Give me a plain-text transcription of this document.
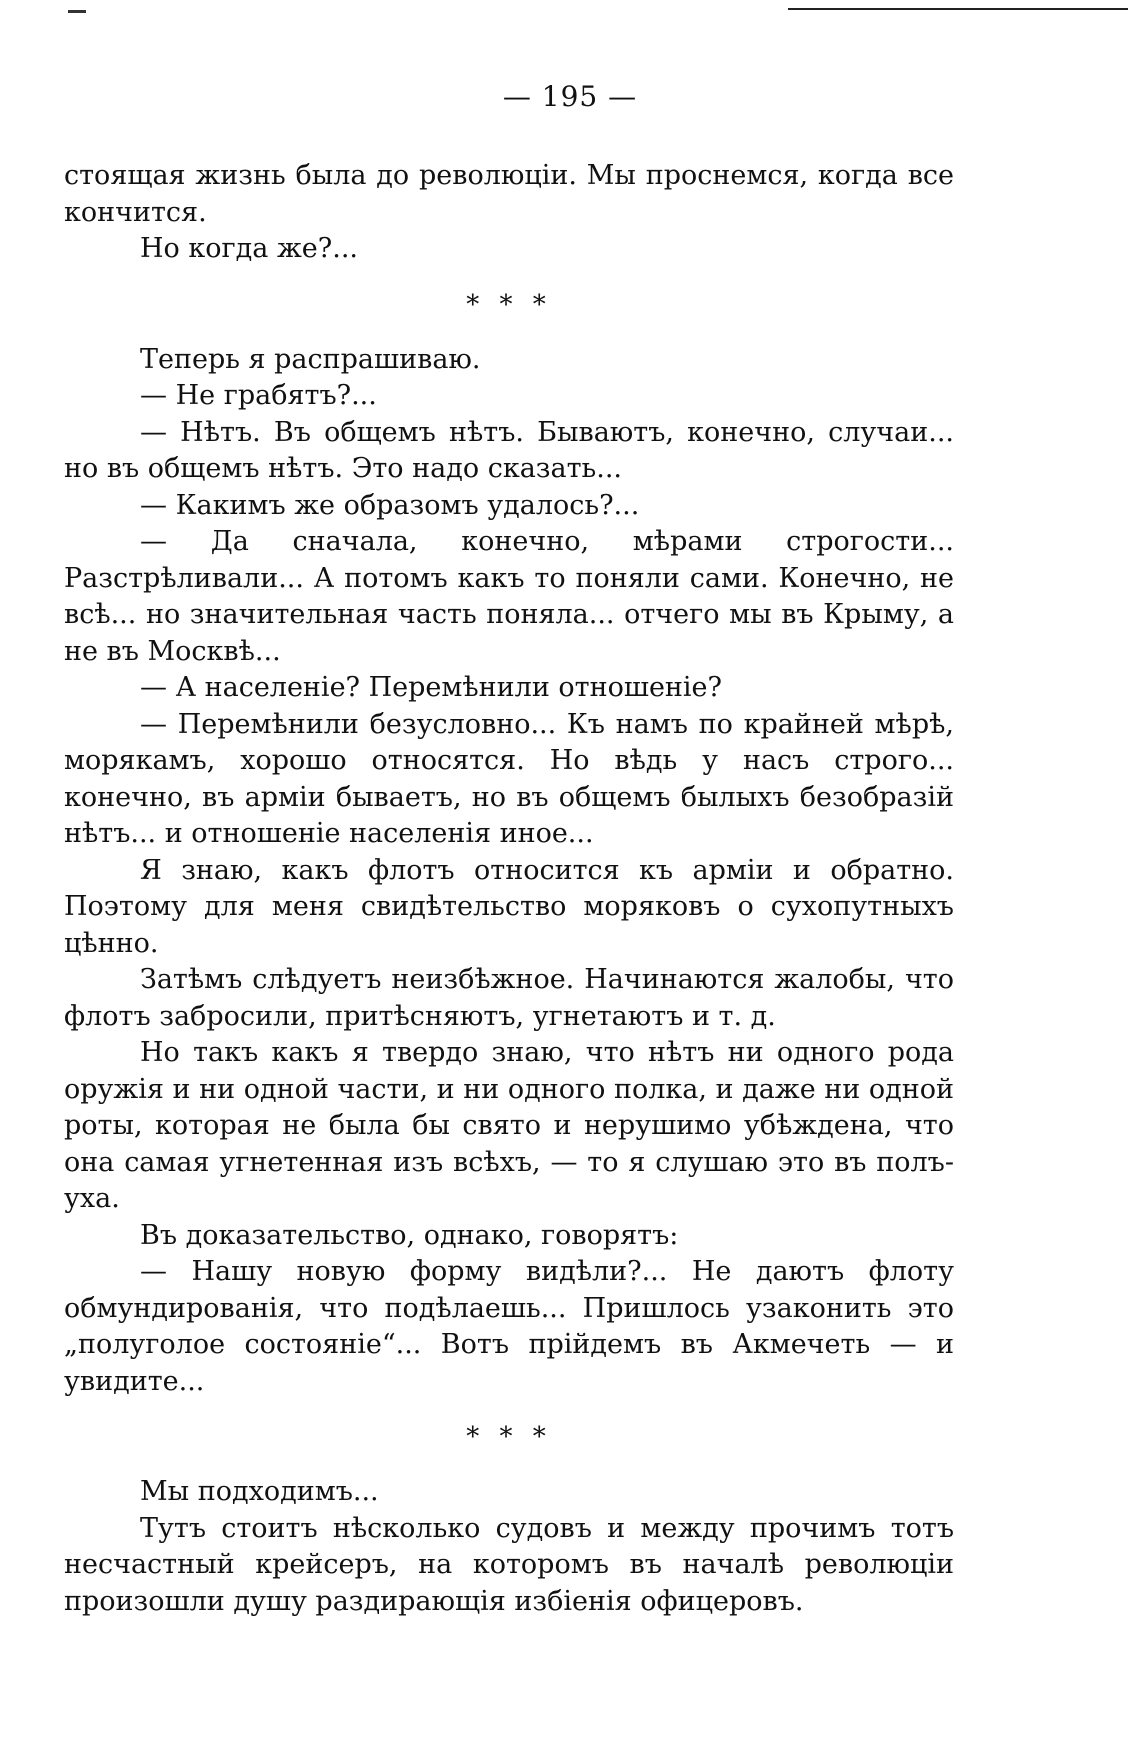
— 195 —

стоящая жизнь была до революціи. Мы проснемся, когда все кончится.

Но когда же?...

* * *

Теперь я распрашиваю.

— Не грабятъ?...

— Нѣтъ. Въ общемъ нѣтъ. Бываютъ, конечно, случаи... но въ общемъ нѣтъ. Это надо сказать...

— Какимъ же образомъ удалось?...

— Да сначала, конечно, мѣрами строгости... Разстрѣливали... А потомъ какъ то поняли сами. Конечно, не всѣ... но значительная часть поняла... отчего мы въ Крыму, а не въ Москвѣ...

— А населеніе? Перемѣнили отношеніе?

— Перемѣнили безусловно... Къ намъ по крайней мѣрѣ, морякамъ, хорошо относятся. Но вѣдь у насъ строго... конечно, въ арміи бываетъ, но въ общемъ былыхъ безобразій нѣтъ... и отношеніе населенія иное...

Я знаю, какъ флотъ относится къ арміи и обратно. Поэтому для меня свидѣтельство моряковъ о сухопутныхъ цѣнно.

Затѣмъ слѣдуетъ неизбѣжное. Начинаются жалобы, что флотъ забросили, притѣсняютъ, угнетаютъ и т. д.

Но такъ какъ я твердо знаю, что нѣтъ ни одного рода оружія и ни одной части, и ни одного полка, и даже ни одной роты, которая не была бы свято и нерушимо убѣждена, что она самая угнетенная изъ всѣхъ, — то я слушаю это въ полъ-уха.

Въ доказательство, однако, говорятъ:

— Нашу новую форму видѣли?... Не даютъ флоту обмундированія, что подѣлаешь... Пришлось узаконить это „полуголое состояніе“... Вотъ прійдемъ въ Акмечеть — и увидите...

* * *

Мы подходимъ...

Тутъ стоитъ нѣсколько судовъ и между прочимъ тотъ несчастный крейсеръ, на которомъ въ началѣ революціи произошли душу раздирающія избіенія офицеровъ.
